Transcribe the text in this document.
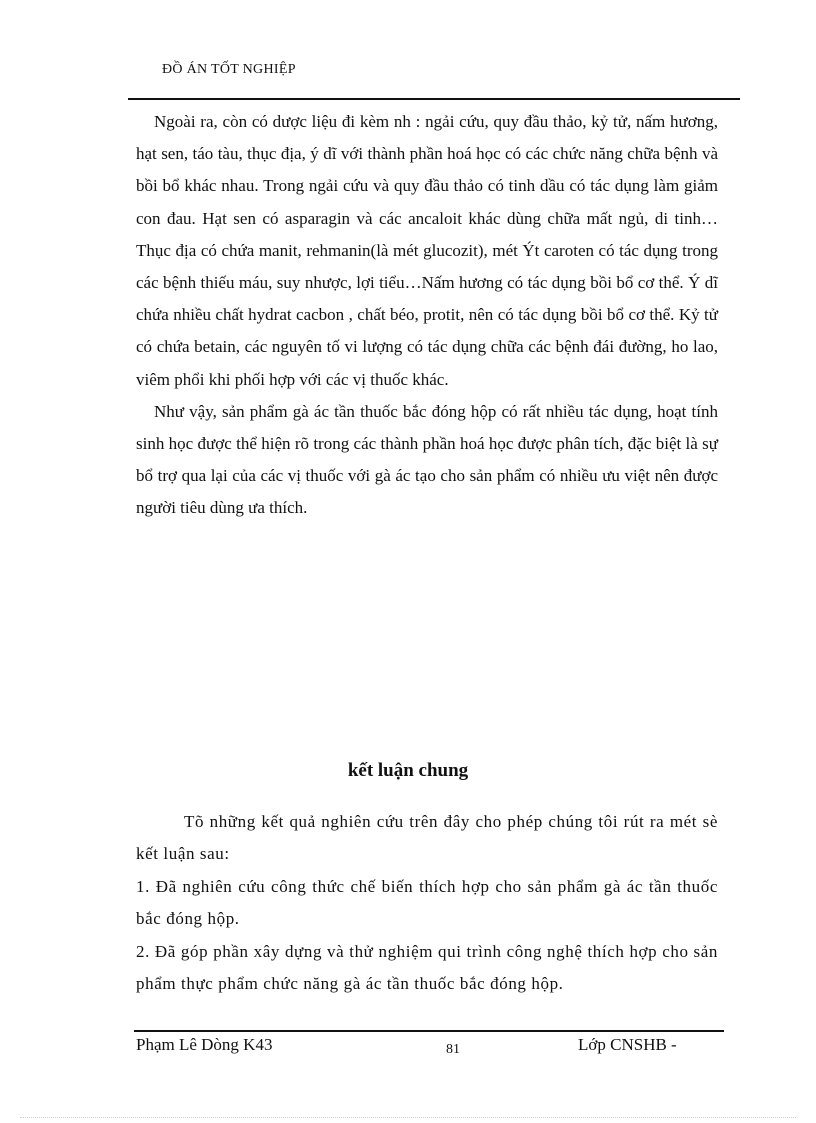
ĐỒ ÁN TỐT NGHIỆP

Ngoài ra, còn có dược liệu đi kèm nh : ngải cứu, quy đầu thảo, kỷ tử, nấm hương, hạt sen, táo tàu, thục địa, ý dĩ với thành phần hoá học có các chức năng chữa bệnh và bồi bổ khác nhau. Trong ngải cứu và quy đầu thảo có tinh dầu có tác dụng làm giảm con đau. Hạt sen có asparagin và các ancaloit khác dùng chữa mất ngủ, di tinh… Thục địa có chứa manit, rehmanin(là mét glucozit), mét Ýt caroten có tác dụng trong các bệnh thiếu máu, suy nhược, lợi tiểu…Nấm hương có tác dụng bồi bổ cơ thể. Ý dĩ chứa nhiều chất hydrat cacbon , chất béo, protit, nên có tác dụng bồi bổ cơ thể. Kỷ tử có chứa betain, các nguyên tố vi lượng có tác dụng chữa các bệnh đái đường, ho lao, viêm phổi khi phối hợp với các vị thuốc khác.

Như vậy, sản phẩm gà ác tần thuốc bắc đóng hộp có rất nhiều tác dụng, hoạt tính sinh học được thể hiện rõ trong các thành phần hoá học được phân tích, đặc biệt là sự bổ trợ qua lại của các vị thuốc với gà ác tạo cho sản phẩm có nhiều ưu việt nên được người tiêu dùng ưa thích.

kết luận chung

Tõ những kết quả nghiên cứu trên đây cho phép chúng tôi rút ra mét sè kết luận sau:

1. Đã nghiên cứu công thức chế biến thích hợp cho sản phẩm gà ác tần thuốc bắc đóng hộp.

2. Đã góp phần xây dựng và thử nghiệm qui trình công nghệ thích hợp cho sản phẩm thực phẩm chức năng gà ác tần thuốc bắc đóng hộp.

Phạm Lê Dòng K43	81	Lớp CNSHB -
